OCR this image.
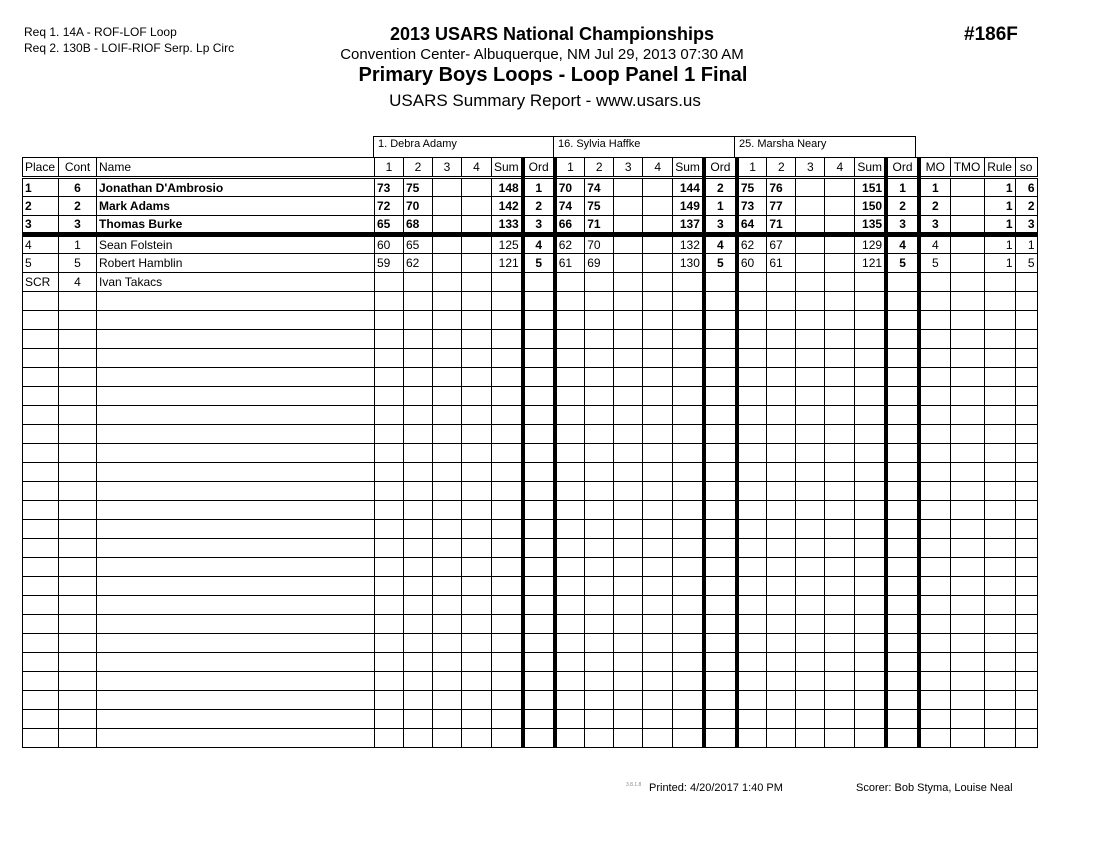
Req 1. 14A - ROF-LOF Loop
Req 2. 130B - LOIF-RIOF Serp. Lp Circ
2013 USARS National Championships
Convention Center- Albuquerque, NM Jul 29, 2013 07:30 AM
Primary Boys Loops - Loop Panel 1 Final
USARS Summary Report - www.usars.us
#186F
1. Debra Adamy	16. Sylvia Haffke	25. Marsha Neary
Place	Cont	Name	1	2	3	4	Sum	Ord	1	2	3	4	Sum	Ord	1	2	3	4	Sum	Ord	MO	TMO	Rule	so
1	6	Jonathan D'Ambrosio	73	75			148	1	70	74			144	2	75	76			151	1	1		1	6
2	2	Mark Adams	72	70			142	2	74	75			149	1	73	77			150	2	2		1	2
3	3	Thomas Burke	65	68			133	3	66	71			137	3	64	71			135	3	3		1	3
4	1	Sean Folstein	60	65			125	4	62	70			132	4	62	67			129	4	4		1	1
5	5	Robert Hamblin	59	62			121	5	61	69			130	5	60	61			121	5	5		1	5
SCR	4	Ivan Takacs																						

3.8.1.8 Printed: 4/20/2017 1:40 PM	Scorer: Bob Styma, Louise Neal
